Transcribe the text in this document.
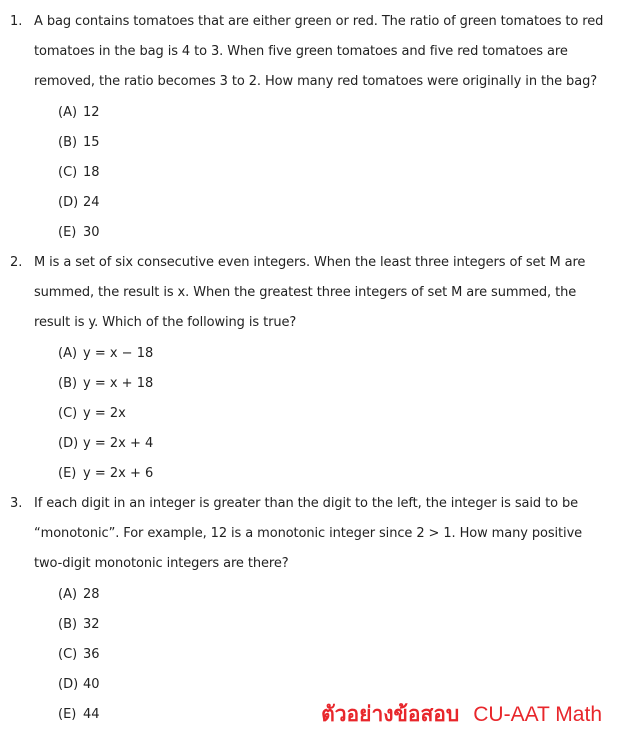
1. A bag contains tomatoes that are either green or red. The ratio of green tomatoes to red tomatoes in the bag is 4 to 3. When five green tomatoes and five red tomatoes are removed, the ratio becomes 3 to 2. How many red tomatoes were originally in the bag?
(A) 12
(B) 15
(C) 18
(D) 24
(E) 30
2. M is a set of six consecutive even integers. When the least three integers of set M are summed, the result is x. When the greatest three integers of set M are summed, the result is y. Which of the following is true?
(A) y = x − 18
(B) y = x + 18
(C) y = 2x
(D) y = 2x + 4
(E) y = 2x + 6
3. If each digit in an integer is greater than the digit to the left, the integer is said to be “monotonic”. For example, 12 is a monotonic integer since 2 > 1. How many positive two-digit monotonic integers are there?
(A) 28
(B) 32
(C) 36
(D) 40
(E) 44	ตัวอย่างข้อสอบ CU-AAT Math
